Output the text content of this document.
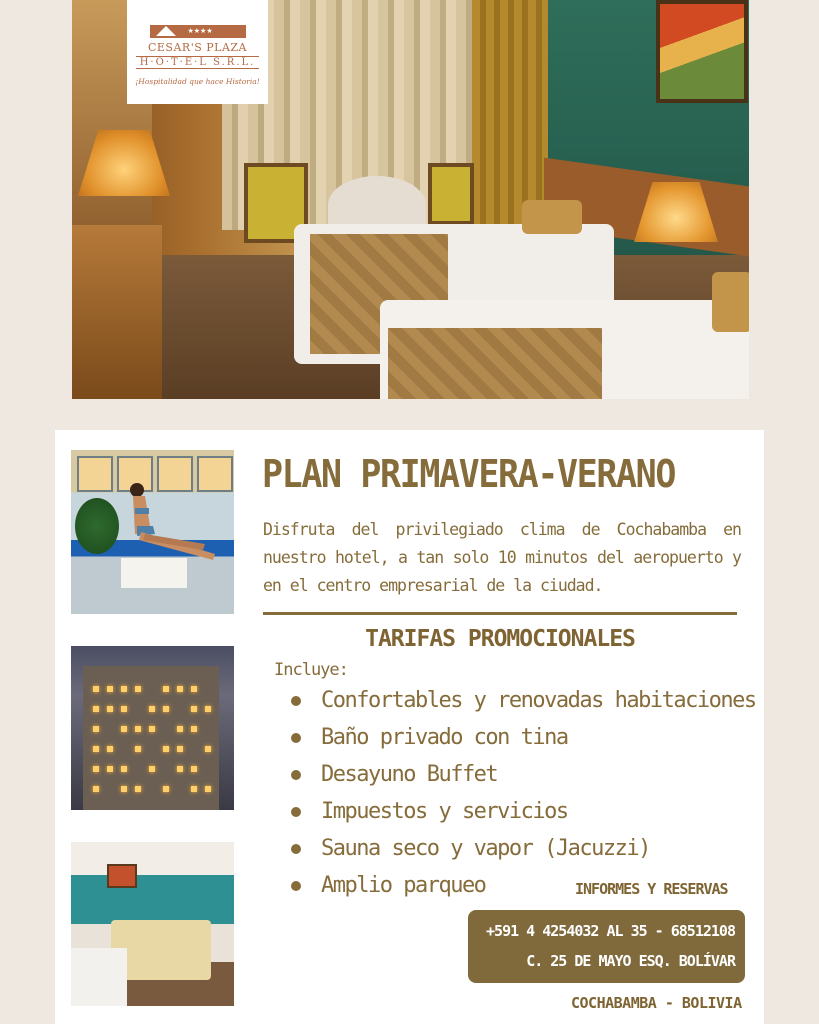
★★★★
CESAR'S PLAZA
H·O·T·E·L S.R.L.
¡Hospitalidad que hace Historia!
PLAN PRIMAVERA-VERANO
Disfruta del privilegiado clima de Cochabamba en nuestro hotel, a tan solo 10 minutos del aeropuerto y en el centro empresarial de la ciudad.
TARIFAS PROMOCIONALES
Incluye:
Confortables y renovadas habitaciones
Baño privado con tina
Desayuno Buffet
Impuestos y servicios
Sauna seco y vapor (Jacuzzi)
Amplio parqueo	INFORMES Y RESERVAS
+591 4 4254032 AL 35 - 68512108
C. 25 DE MAYO ESQ. BOLÍVAR
COCHABAMBA - BOLIVIA
